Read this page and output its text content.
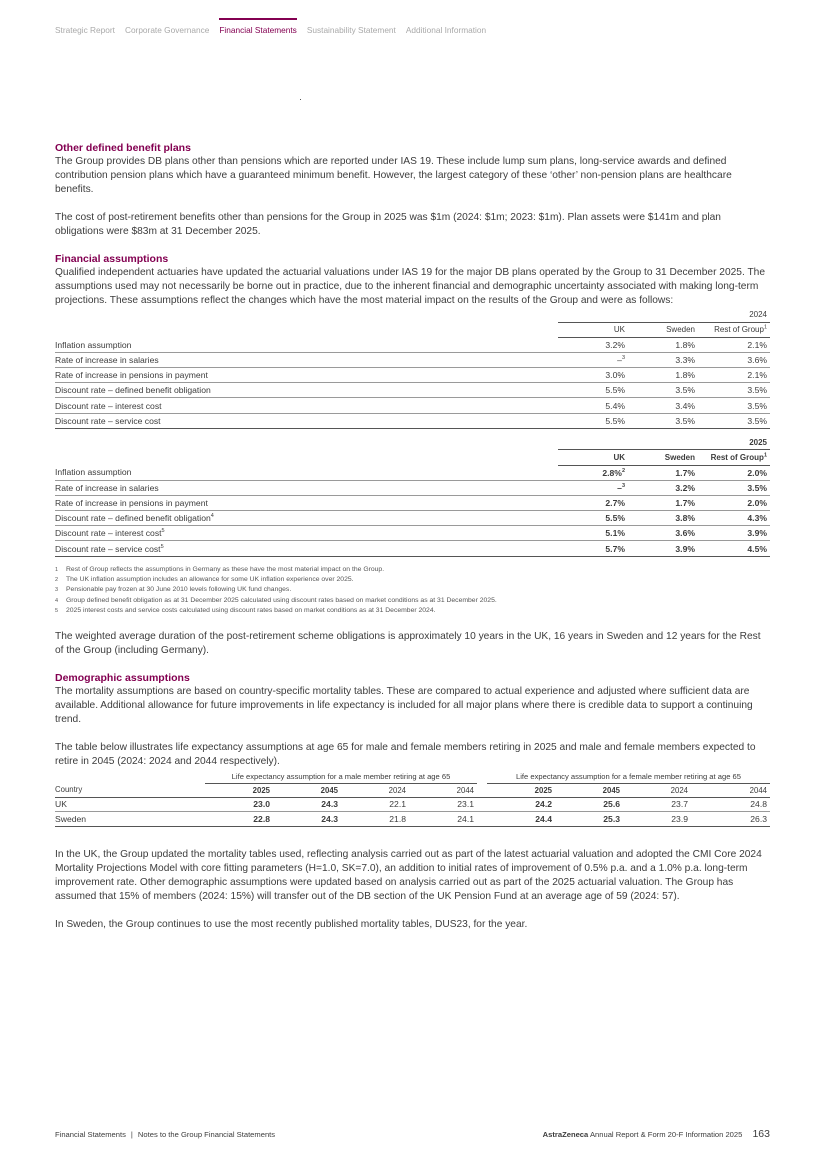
Strategic Report Corporate Governance Financial Statements Sustainability Statement Additional Information
Other defined benefit plans

The Group provides DB plans other than pensions which are reported under IAS 19. These include lump sum plans, long-service awards and defined contribution pension plans which have a guaranteed minimum benefit. However, the largest category of these ‘other’ non-pension plans are healthcare benefits.

The cost of post-retirement benefits other than pensions for the Group in 2025 was $1m (2024: $1m; 2023: $1m). Plan assets were $141m and plan obligations were $83m at 31 December 2025.

Financial assumptions

Qualified independent actuaries have updated the actuarial valuations under IAS 19 for the major DB plans operated by the Group to 31 December 2025. The assumptions used may not necessarily be borne out in practice, due to the inherent financial and demographic uncertainty associated with making long-term projections. These assumptions reflect the changes which have the most material impact on the results of the Group and were as follows:

	2024		
	UK	Sweden	Rest of Group$^1$
Inflation assumption	3.2%	1.8%	2.1%
Rate of increase in salaries	–$^3$	3.3%	3.6%
Rate of increase in pensions in payment	3.0%	1.8%	2.1%
Discount rate – defined benefit obligation	5.5%	3.5%	3.5%
Discount rate – interest cost	5.4%	3.4%	3.5%
Discount rate – service cost	5.5%	3.5%	3.5%
	2025		
	UK	Sweden	Rest of Group$^1$
Inflation assumption	2.8%$^2$	1.7%	2.0%
Rate of increase in salaries	–$^3$	3.2%	3.5%
Rate of increase in pensions in payment	2.7%	1.7%	2.0%
Discount rate – defined benefit obligation$^4$	5.5%	3.8%	4.3%
Discount rate – interest cost$^5$	5.1%	3.6%	3.9%
Discount rate – service cost$^5$	5.7%	3.9%	4.5%
1	Rest of Group reflects the assumptions in Germany as these have the most material impact on the Group.
2	The UK inflation assumption includes an allowance for some UK inflation experience over 2025.
3	Pensionable pay frozen at 30 June 2010 levels following UK fund changes.
4	Group defined benefit obligation as at 31 December 2025 calculated using discount rates based on market conditions as at 31 December 2025.
5	2025 interest costs and service costs calculated using discount rates based on market conditions as at 31 December 2024.

The weighted average duration of the post-retirement scheme obligations is approximately 10 years in the UK, 16 years in Sweden and 12 years for the Rest of the Group (including Germany).

Demographic assumptions

The mortality assumptions are based on country-specific mortality tables. These are compared to actual experience and adjusted where sufficient data are available. Additional allowance for future improvements in life expectancy is included for all major plans where there is credible data to support a continuing trend.

The table below illustrates life expectancy assumptions at age 65 for male and female members retiring in 2025 and male and female members expected to retire in 2045 (2024: 2024 and 2044 respectively).

	Life expectancy assumption for a male member retiring at age 65					Life expectancy assumption for a female member retiring at age 65			
Country	2025	2045	2024	2044		2025	2045	2024	2044
UK	23.0	24.3	22.1	23.1		24.2	25.6	23.7	24.8
Sweden	22.8	24.3	21.8	24.1		24.4	25.3	23.9	26.3

In the UK, the Group updated the mortality tables used, reflecting analysis carried out as part of the latest actuarial valuation and adopted the CMI Core 2024 Mortality Projections Model with core fitting parameters (H=1.0, SK=7.0), an addition to initial rates of improvement of 0.5% p.a. and a 1.0% p.a. long-term improvement rate. Other demographic assumptions were updated based on analysis carried out as part of the 2025 actuarial valuation. The Group has assumed that 15% of members (2024: 15%) will transfer out of the DB section of the UK Pension Fund at an average age of 59 (2024: 57).

In Sweden, the Group continues to use the most recently published mortality tables, DUS23, for the year.

Financial Statements | Notes to the Group Financial Statements	AstraZeneca Annual Report & Form 20-F Information 2025 163
